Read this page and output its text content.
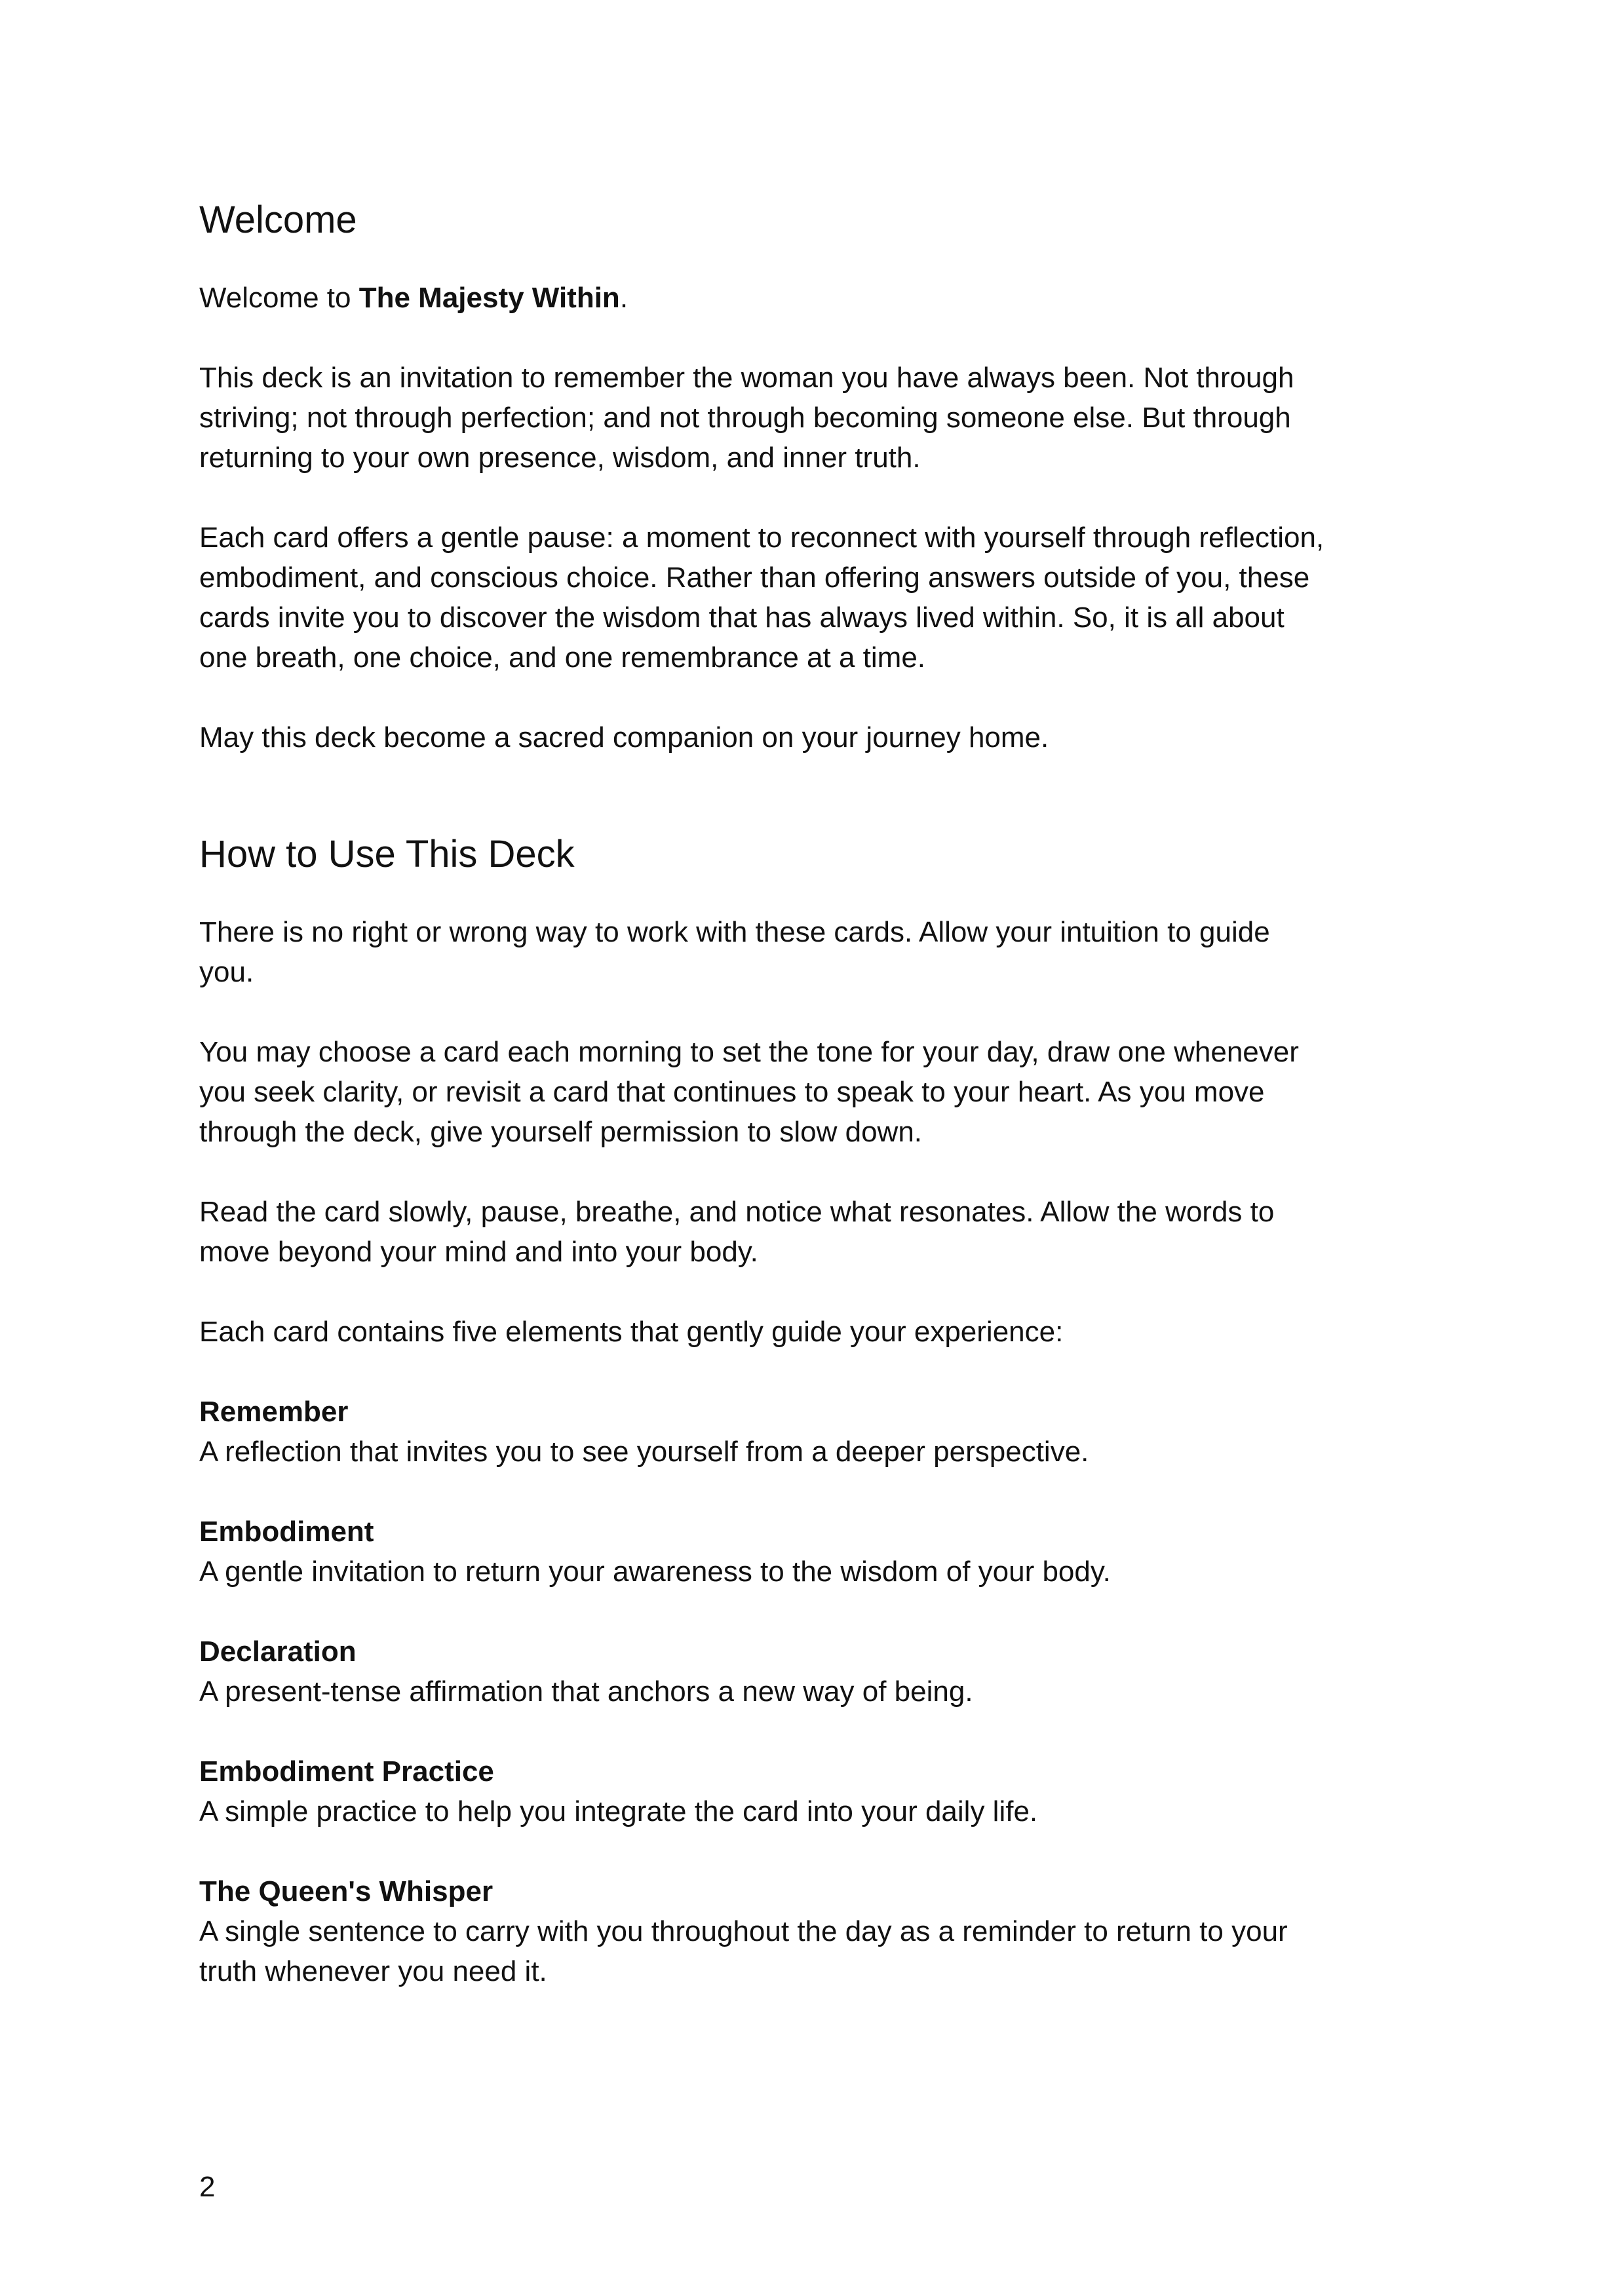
Welcome

Welcome to The Majesty Within.

This deck is an invitation to remember the woman you have always been. Not through striving; not through perfection; and not through becoming someone else. But through returning to your own presence, wisdom, and inner truth.

Each card offers a gentle pause: a moment to reconnect with yourself through reflection, embodiment, and conscious choice. Rather than offering answers outside of you, these cards invite you to discover the wisdom that has always lived within. So, it is all about one breath, one choice, and one remembrance at a time.

May this deck become a sacred companion on your journey home.

How to Use This Deck

There is no right or wrong way to work with these cards. Allow your intuition to guide you.

You may choose a card each morning to set the tone for your day, draw one whenever you seek clarity, or revisit a card that continues to speak to your heart. As you move through the deck, give yourself permission to slow down.

Read the card slowly, pause, breathe, and notice what resonates. Allow the words to move beyond your mind and into your body.

Each card contains five elements that gently guide your experience:

Remember
A reflection that invites you to see yourself from a deeper perspective.

Embodiment
A gentle invitation to return your awareness to the wisdom of your body.

Declaration
A present-tense affirmation that anchors a new way of being.

Embodiment Practice
A simple practice to help you integrate the card into your daily life.

The Queen's Whisper
A single sentence to carry with you throughout the day as a reminder to return to your truth whenever you need it.

2
